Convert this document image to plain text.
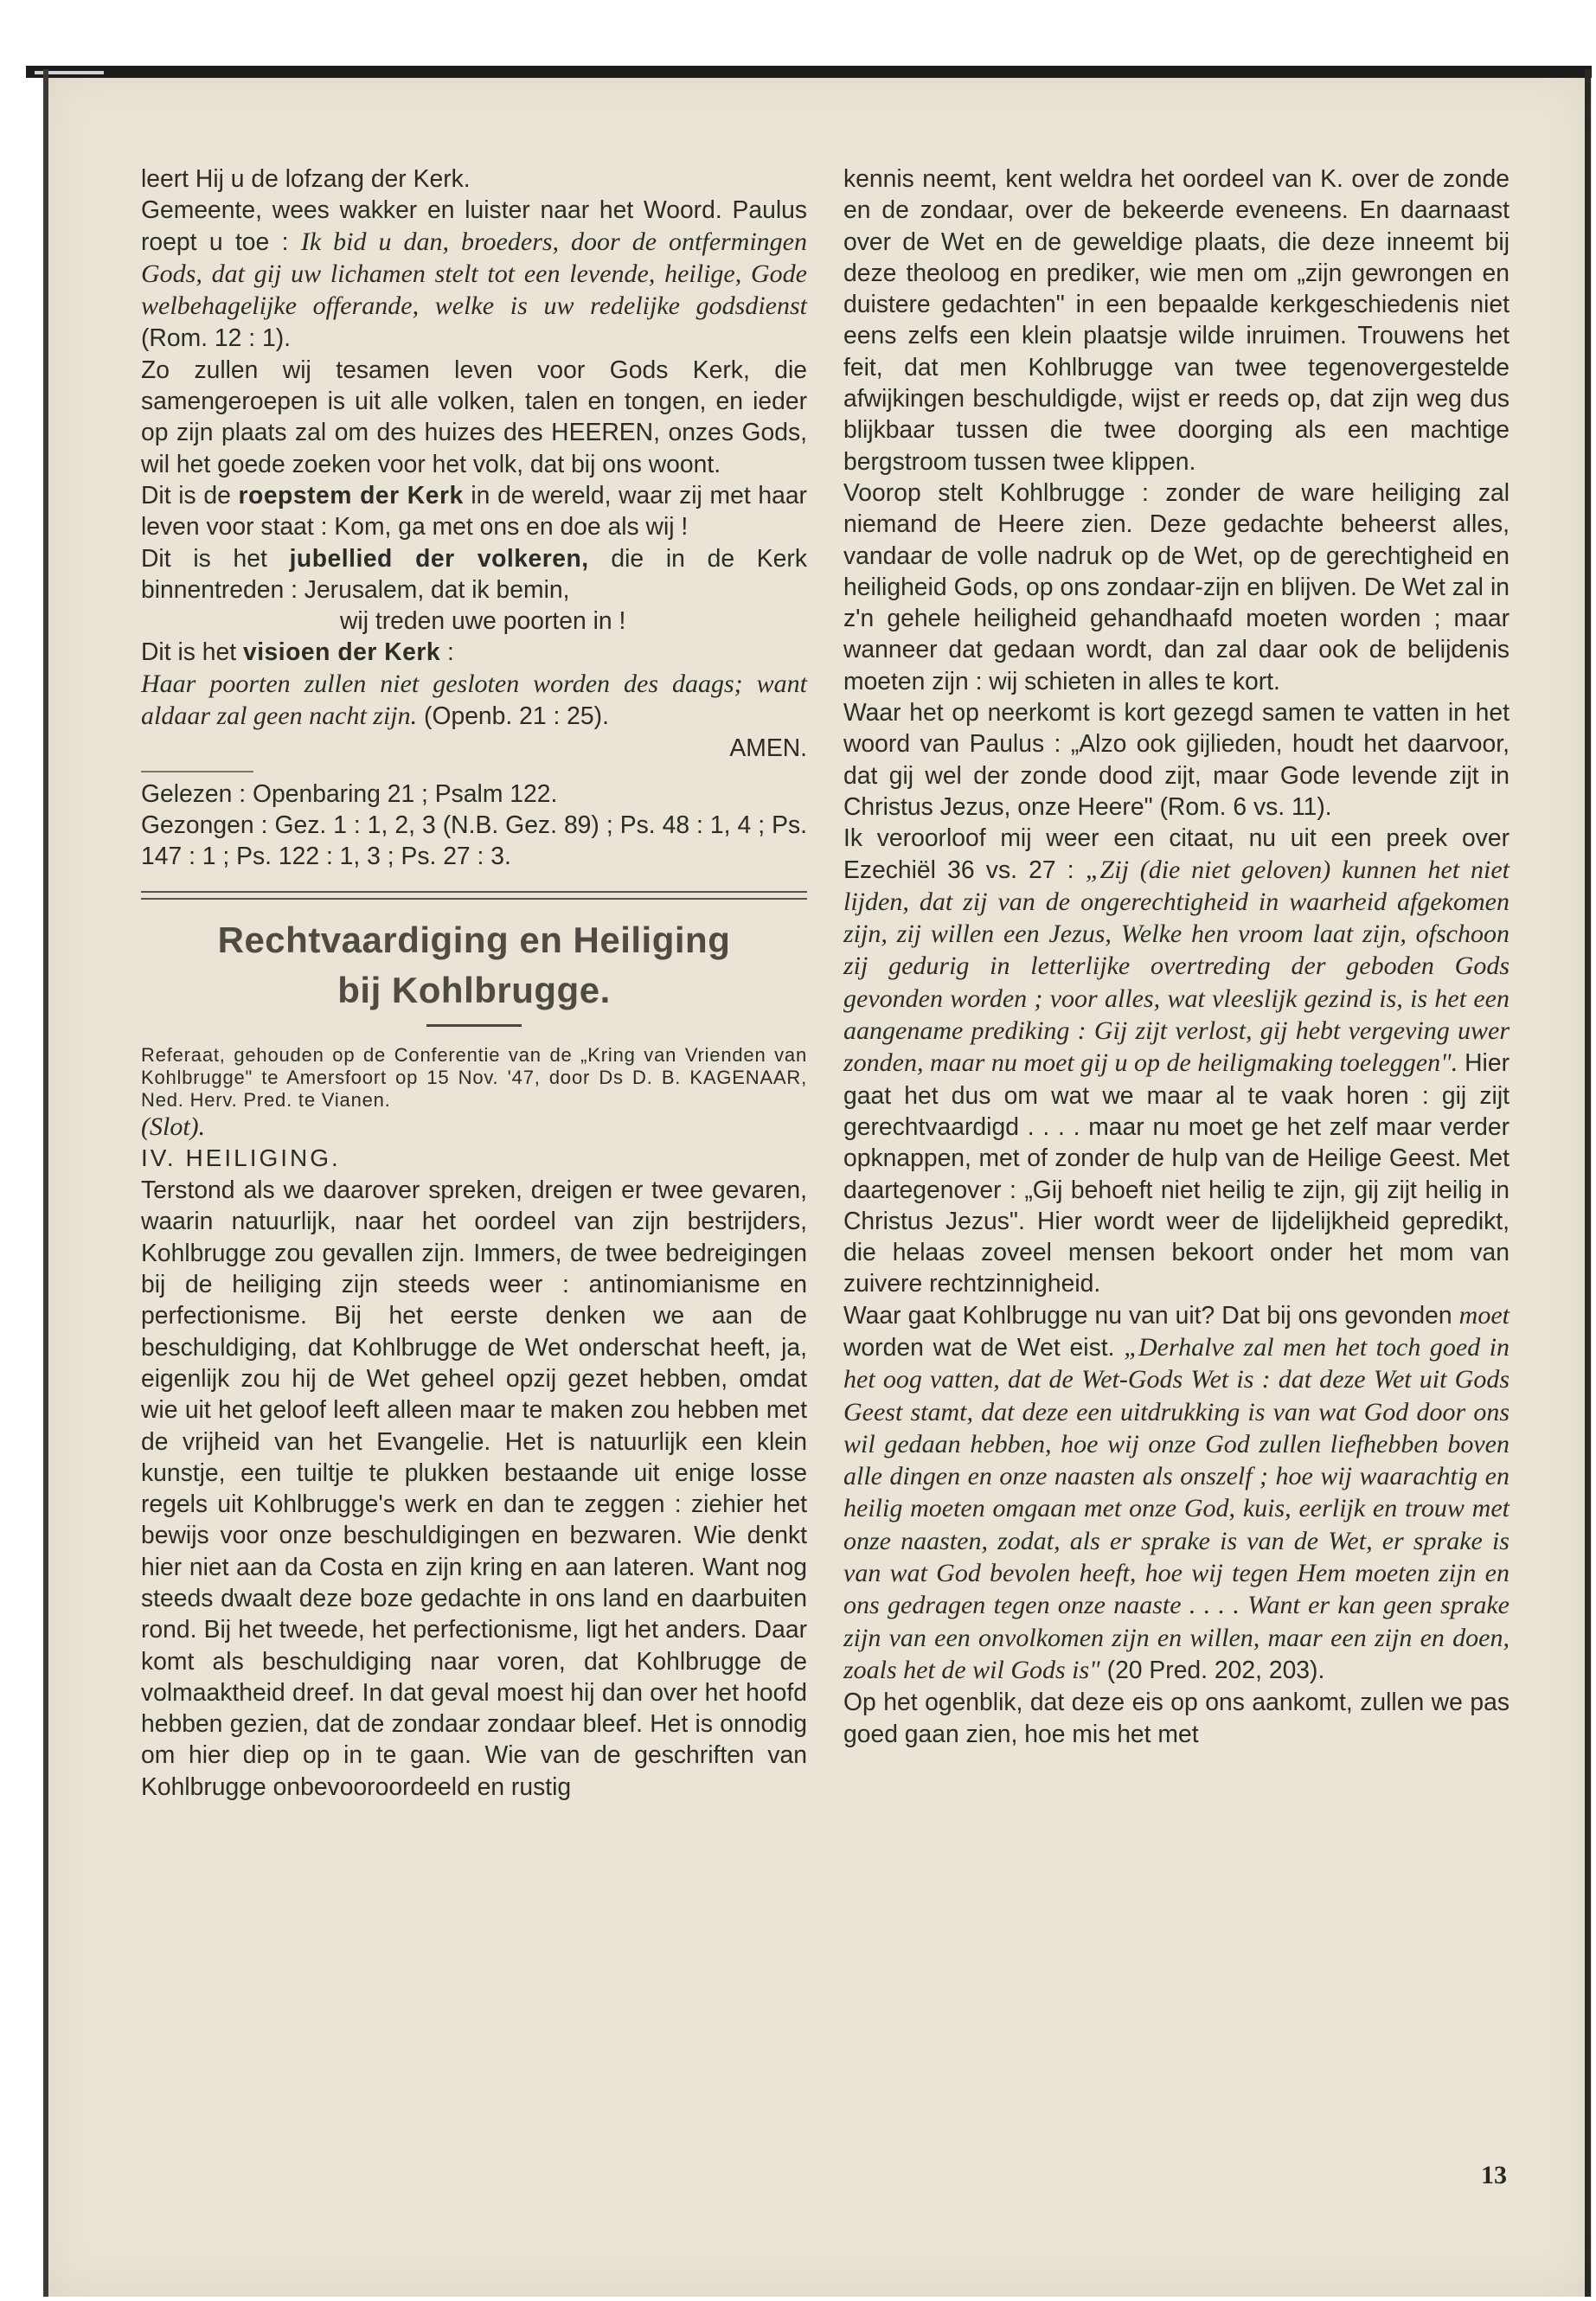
leert Hij u de lofzang der Kerk.

Gemeente, wees wakker en luister naar het Woord. Paulus roept u toe : Ik bid u dan, broeders, door de ontfermingen Gods, dat gij uw lichamen stelt tot een levende, heilige, Gode welbehagelijke offerande, welke is uw redelijke godsdienst (Rom. 12 : 1).

Zo zullen wij tesamen leven voor Gods Kerk, die samengeroepen is uit alle volken, talen en tongen, en ieder op zijn plaats zal om des huizes des HEEREN, onzes Gods, wil het goede zoeken voor het volk, dat bij ons woont.

Dit is de roepstem der Kerk in de wereld, waar zij met haar leven voor staat : Kom, ga met ons en doe als wij !

Dit is het jubellied der volkeren, die in de Kerk binnentreden : Jerusalem, dat ik bemin,

wij treden uwe poorten in !

Dit is het visioen der Kerk :

Haar poorten zullen niet gesloten worden des daags; want aldaar zal geen nacht zijn. (Openb. 21 : 25).

AMEN.

Gelezen : Openbaring 21 ; Psalm 122.

Gezongen : Gez. 1 : 1, 2, 3 (N.B. Gez. 89) ; Ps. 48 : 1, 4 ; Ps. 147 : 1 ; Ps. 122 : 1, 3 ; Ps. 27 : 3.

Rechtvaardiging en Heiliging
bij Kohlbrugge.

Referaat, gehouden op de Conferentie van de „Kring van Vrienden van Kohlbrugge" te Amersfoort op 15 Nov. '47, door Ds D. B. KAGENAAR, Ned. Herv. Pred. te Vianen.

(Slot).

IV. HEILIGING.

Terstond als we daarover spreken, dreigen er twee gevaren, waarin natuurlijk, naar het oordeel van zijn bestrijders, Kohlbrugge zou gevallen zijn. Immers, de twee bedreigingen bij de heiliging zijn steeds weer : antinomianisme en perfectionisme. Bij het eerste denken we aan de beschuldiging, dat Kohlbrugge de Wet onderschat heeft, ja, eigenlijk zou hij de Wet geheel opzij gezet hebben, omdat wie uit het geloof leeft alleen maar te maken zou hebben met de vrijheid van het Evangelie. Het is natuurlijk een klein kunstje, een tuiltje te plukken bestaande uit enige losse regels uit Kohlbrugge's werk en dan te zeggen : ziehier het bewijs voor onze beschuldigingen en bezwaren. Wie denkt hier niet aan da Costa en zijn kring en aan lateren. Want nog steeds dwaalt deze boze gedachte in ons land en daarbuiten rond. Bij het tweede, het perfectionisme, ligt het anders. Daar komt als beschuldiging naar voren, dat Kohlbrugge de volmaaktheid dreef. In dat geval moest hij dan over het hoofd hebben gezien, dat de zondaar zondaar bleef. Het is onnodig om hier diep op in te gaan. Wie van de geschriften van Kohlbrugge onbevooroordeeld en rustig

kennis neemt, kent weldra het oordeel van K. over de zonde en de zondaar, over de bekeerde eveneens. En daarnaast over de Wet en de geweldige plaats, die deze inneemt bij deze theoloog en prediker, wie men om „zijn gewrongen en duistere gedachten" in een bepaalde kerkgeschiedenis niet eens zelfs een klein plaatsje wilde inruimen. Trouwens het feit, dat men Kohlbrugge van twee tegenovergestelde afwijkingen beschuldigde, wijst er reeds op, dat zijn weg dus blijkbaar tussen die twee doorging als een machtige bergstroom tussen twee klippen.

Voorop stelt Kohlbrugge : zonder de ware heiliging zal niemand de Heere zien. Deze gedachte beheerst alles, vandaar de volle nadruk op de Wet, op de gerechtigheid en heiligheid Gods, op ons zondaar-zijn en blijven. De Wet zal in z'n gehele heiligheid gehandhaafd moeten worden ; maar wanneer dat gedaan wordt, dan zal daar ook de belijdenis moeten zijn : wij schieten in alles te kort.

Waar het op neerkomt is kort gezegd samen te vatten in het woord van Paulus : „Alzo ook gijlieden, houdt het daarvoor, dat gij wel der zonde dood zijt, maar Gode levende zijt in Christus Jezus, onze Heere" (Rom. 6 vs. 11).

Ik veroorloof mij weer een citaat, nu uit een preek over Ezechiël 36 vs. 27 : „Zij (die niet geloven) kunnen het niet lijden, dat zij van de ongerechtigheid in waarheid afgekomen zijn, zij willen een Jezus, Welke hen vroom laat zijn, ofschoon zij gedurig in letterlijke overtreding der geboden Gods gevonden worden ; voor alles, wat vleeslijk gezind is, is het een aangename prediking : Gij zijt verlost, gij hebt vergeving uwer zonden, maar nu moet gij u op de heiligmaking toeleggen". Hier gaat het dus om wat we maar al te vaak horen : gij zijt gerechtvaardigd . . . . maar nu moet ge het zelf maar verder opknappen, met of zonder de hulp van de Heilige Geest. Met daartegenover : „Gij behoeft niet heilig te zijn, gij zijt heilig in Christus Jezus". Hier wordt weer de lijdelijkheid gepredikt, die helaas zoveel mensen bekoort onder het mom van zuivere rechtzinnigheid.

Waar gaat Kohlbrugge nu van uit? Dat bij ons gevonden moet worden wat de Wet eist. „Derhalve zal men het toch goed in het oog vatten, dat de Wet-Gods Wet is : dat deze Wet uit Gods Geest stamt, dat deze een uitdrukking is van wat God door ons wil gedaan hebben, hoe wij onze God zullen liefhebben boven alle dingen en onze naasten als onszelf ; hoe wij waarachtig en heilig moeten omgaan met onze God, kuis, eerlijk en trouw met onze naasten, zodat, als er sprake is van de Wet, er sprake is van wat God bevolen heeft, hoe wij tegen Hem moeten zijn en ons gedragen tegen onze naaste . . . . Want er kan geen sprake zijn van een onvolkomen zijn en willen, maar een zijn en doen, zoals het de wil Gods is" (20 Pred. 202, 203).

Op het ogenblik, dat deze eis op ons aankomt, zullen we pas goed gaan zien, hoe mis het met

13
